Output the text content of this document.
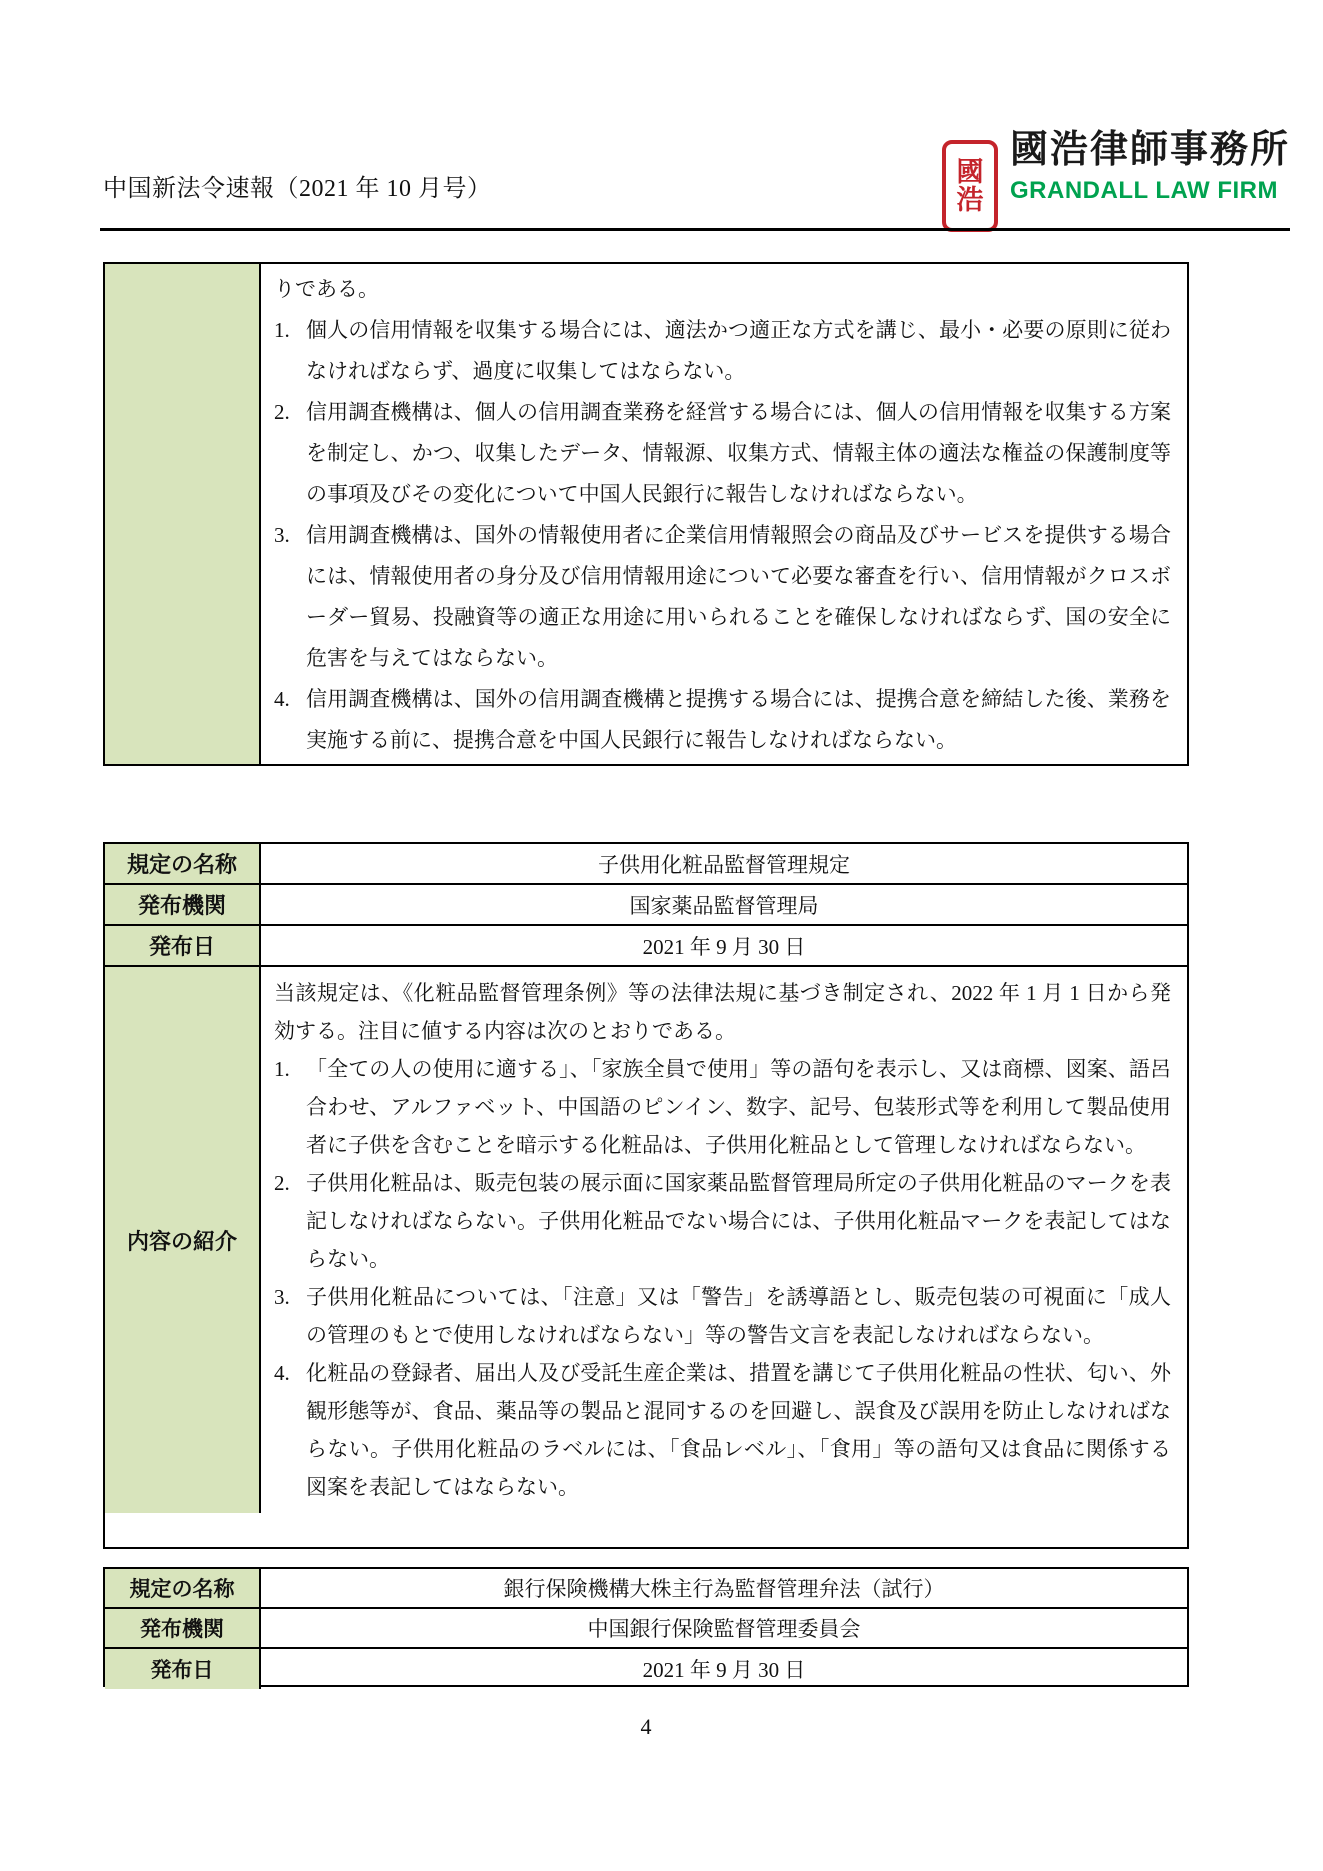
中国新法令速報（2021 年 10 月号）
國
浩
國浩律師事務所
GRANDALL LAW FIRM
りである。
1. 個人の信用情報を収集する場合には、適法かつ適正な方式を講じ、最小・必要の原則に従わなければならず、過度に収集してはならない。
2. 信用調査機構は、個人の信用調査業務を経営する場合には、個人の信用情報を収集する方案を制定し、かつ、収集したデータ、情報源、収集方式、情報主体の適法な権益の保護制度等の事項及びその変化について中国人民銀行に報告しなければならない。
3. 信用調査機構は、国外の情報使用者に企業信用情報照会の商品及びサービスを提供する場合には、情報使用者の身分及び信用情報用途について必要な審査を行い、信用情報がクロスボーダー貿易、投融資等の適正な用途に用いられることを確保しなければならず、国の安全に危害を与えてはならない。
4. 信用調査機構は、国外の信用調査機構と提携する場合には、提携合意を締結した後、業務を実施する前に、提携合意を中国人民銀行に報告しなければならない。
規定の名称	子供用化粧品監督管理規定
発布機関	国家薬品監督管理局
発布日	2021 年 9 月 30 日
内容の紹介
当該規定は、《化粧品監督管理条例》等の法律法規に基づき制定され、2022 年 1 月 1 日から発効する。注目に値する内容は次のとおりである。
1. 「全ての人の使用に適する」、「家族全員で使用」等の語句を表示し、又は商標、図案、語呂合わせ、アルファベット、中国語のピンイン、数字、記号、包装形式等を利用して製品使用者に子供を含むことを暗示する化粧品は、子供用化粧品として管理しなければならない。
2. 子供用化粧品は、販売包装の展示面に国家薬品監督管理局所定の子供用化粧品のマークを表記しなければならない。子供用化粧品でない場合には、子供用化粧品マークを表記してはならない。
3. 子供用化粧品については、「注意」又は「警告」を誘導語とし、販売包装の可視面に「成人の管理のもとで使用しなければならない」等の警告文言を表記しなければならない。
4. 化粧品の登録者、届出人及び受託生産企業は、措置を講じて子供用化粧品の性状、匂い、外観形態等が、食品、薬品等の製品と混同するのを回避し、誤食及び誤用を防止しなければならない。子供用化粧品のラベルには、「食品レベル」、「食用」等の語句又は食品に関係する図案を表記してはならない。
規定の名称	銀行保険機構大株主行為監督管理弁法（試行）
発布機関	中国銀行保険監督管理委員会
発布日	2021 年 9 月 30 日
4
